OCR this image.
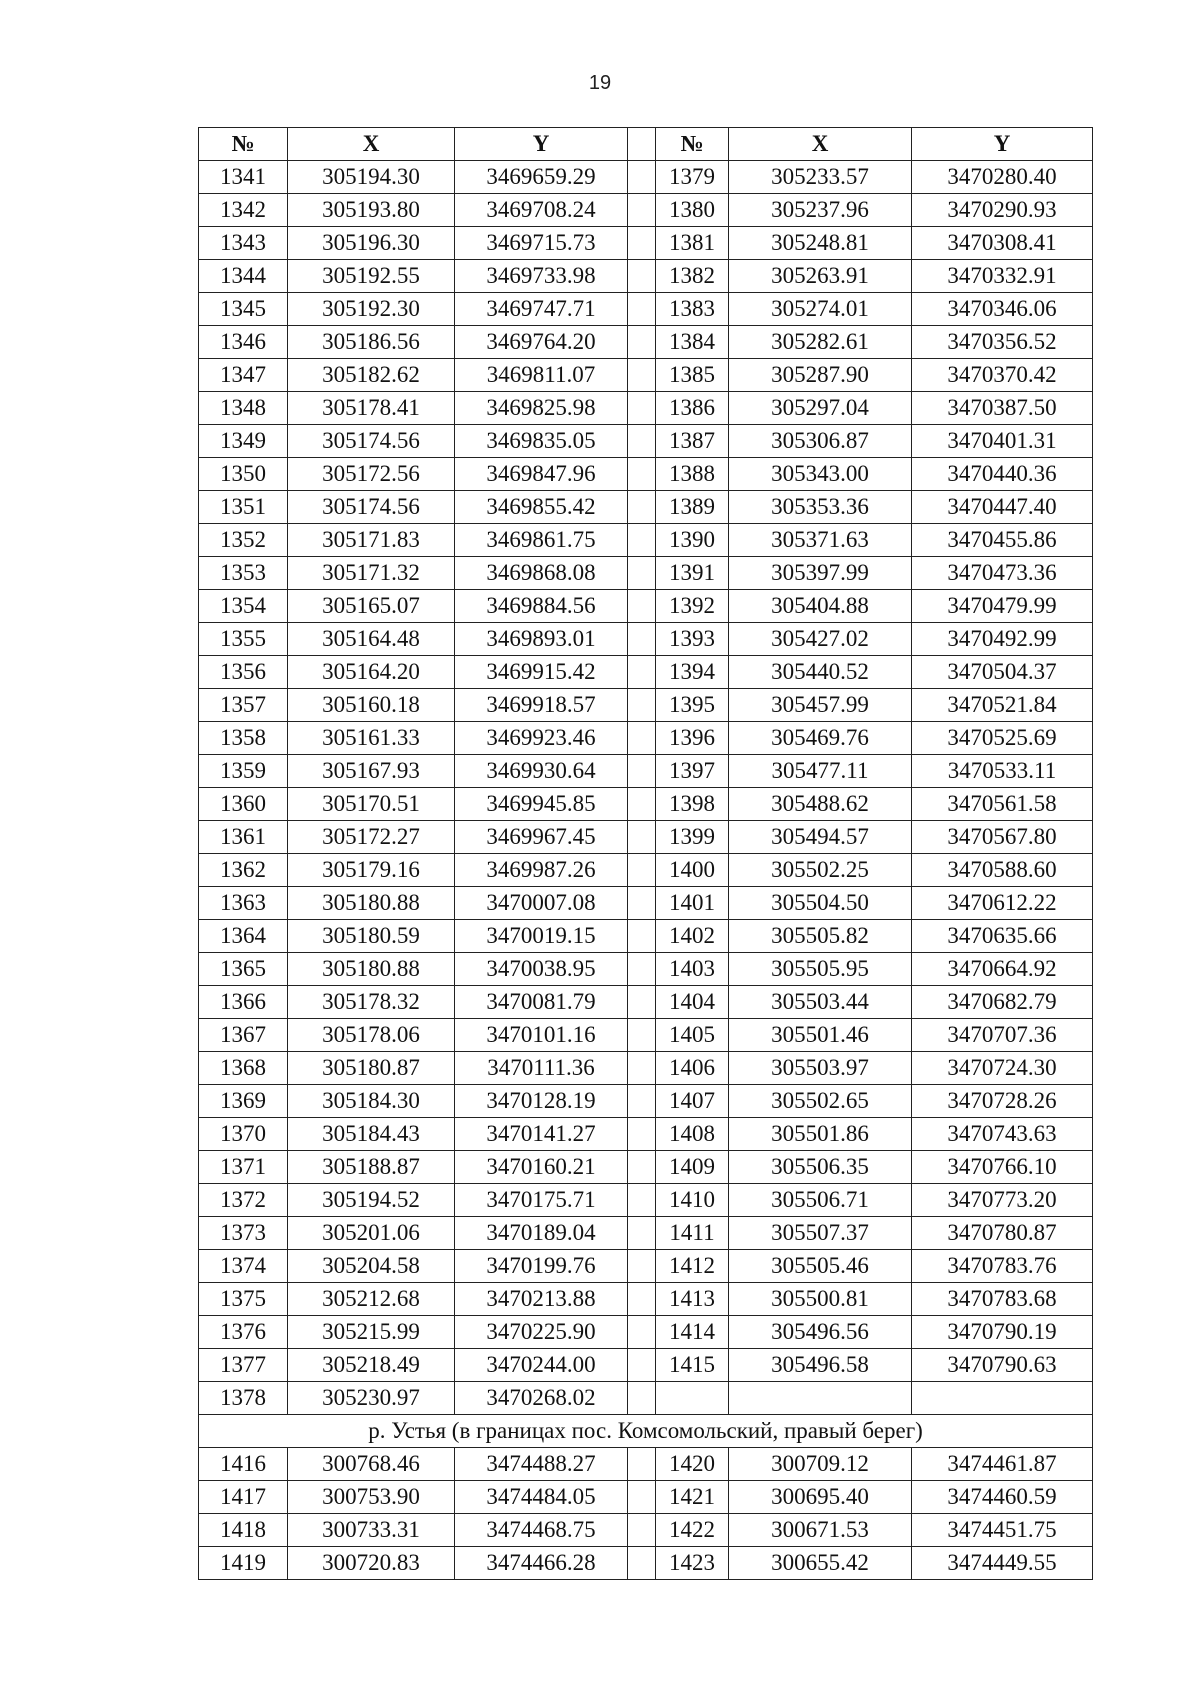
19
№	X	Y		№	X	Y
1341	305194.30	3469659.29		1379	305233.57	3470280.40
1342	305193.80	3469708.24		1380	305237.96	3470290.93
1343	305196.30	3469715.73		1381	305248.81	3470308.41
1344	305192.55	3469733.98		1382	305263.91	3470332.91
1345	305192.30	3469747.71		1383	305274.01	3470346.06
1346	305186.56	3469764.20		1384	305282.61	3470356.52
1347	305182.62	3469811.07		1385	305287.90	3470370.42
1348	305178.41	3469825.98		1386	305297.04	3470387.50
1349	305174.56	3469835.05		1387	305306.87	3470401.31
1350	305172.56	3469847.96		1388	305343.00	3470440.36
1351	305174.56	3469855.42		1389	305353.36	3470447.40
1352	305171.83	3469861.75		1390	305371.63	3470455.86
1353	305171.32	3469868.08		1391	305397.99	3470473.36
1354	305165.07	3469884.56		1392	305404.88	3470479.99
1355	305164.48	3469893.01		1393	305427.02	3470492.99
1356	305164.20	3469915.42		1394	305440.52	3470504.37
1357	305160.18	3469918.57		1395	305457.99	3470521.84
1358	305161.33	3469923.46		1396	305469.76	3470525.69
1359	305167.93	3469930.64		1397	305477.11	3470533.11
1360	305170.51	3469945.85		1398	305488.62	3470561.58
1361	305172.27	3469967.45		1399	305494.57	3470567.80
1362	305179.16	3469987.26		1400	305502.25	3470588.60
1363	305180.88	3470007.08		1401	305504.50	3470612.22
1364	305180.59	3470019.15		1402	305505.82	3470635.66
1365	305180.88	3470038.95		1403	305505.95	3470664.92
1366	305178.32	3470081.79		1404	305503.44	3470682.79
1367	305178.06	3470101.16		1405	305501.46	3470707.36
1368	305180.87	3470111.36		1406	305503.97	3470724.30
1369	305184.30	3470128.19		1407	305502.65	3470728.26
1370	305184.43	3470141.27		1408	305501.86	3470743.63
1371	305188.87	3470160.21		1409	305506.35	3470766.10
1372	305194.52	3470175.71		1410	305506.71	3470773.20
1373	305201.06	3470189.04		1411	305507.37	3470780.87
1374	305204.58	3470199.76		1412	305505.46	3470783.76
1375	305212.68	3470213.88		1413	305500.81	3470783.68
1376	305215.99	3470225.90		1414	305496.56	3470790.19
1377	305218.49	3470244.00		1415	305496.58	3470790.63
1378	305230.97	3470268.02				
р. Устья (в границах пос. Комсомольский, правый берег)						
1416	300768.46	3474488.27		1420	300709.12	3474461.87
1417	300753.90	3474484.05		1421	300695.40	3474460.59
1418	300733.31	3474468.75		1422	300671.53	3474451.75
1419	300720.83	3474466.28		1423	300655.42	3474449.55
